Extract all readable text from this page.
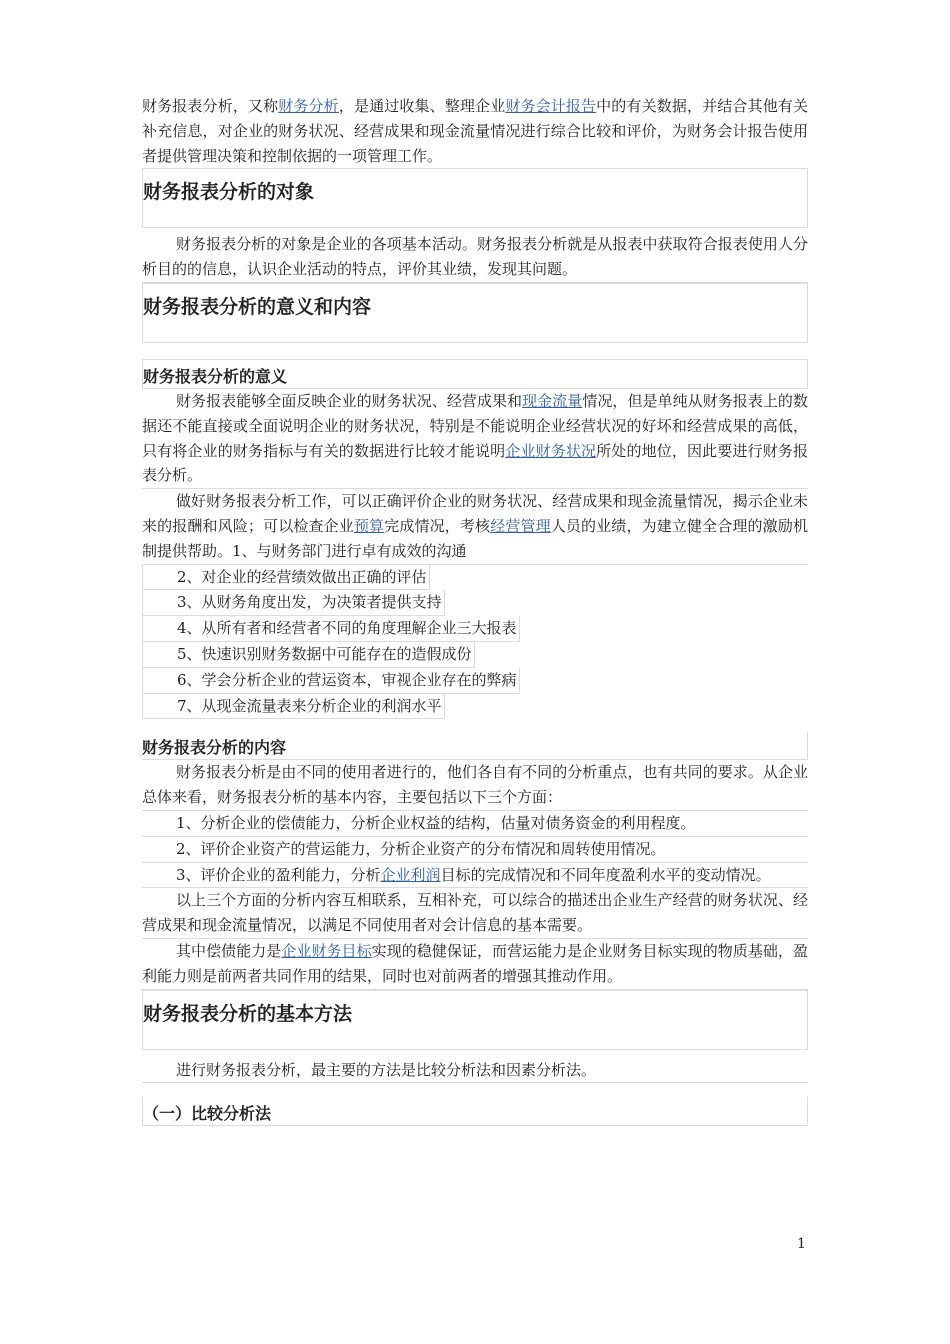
财务报表分析，又称财务分析，是通过收集、整理企业财务会计报告中的有关数据，并结合其他有关补充信息，对企业的财务状况、经营成果和现金流量情况进行综合比较和评价，为财务会计报告使用者提供管理决策和控制依据的一项管理工作。

财务报表分析的对象

财务报表分析的对象是企业的各项基本活动。财务报表分析就是从报表中获取符合报表使用人分析目的的信息，认识企业活动的特点，评价其业绩，发现其问题。

财务报表分析的意义和内容
财务报表分析的意义

财务报表能够全面反映企业的财务状况、经营成果和现金流量情况，但是单纯从财务报表上的数据还不能直接或全面说明企业的财务状况，特别是不能说明企业经营状况的好坏和经营成果的高低，只有将企业的财务指标与有关的数据进行比较才能说明企业财务状况所处的地位，因此要进行财务报表分析。

做好财务报表分析工作，可以正确评价企业的财务状况、经营成果和现金流量情况，揭示企业未来的报酬和风险；可以检查企业预算完成情况，考核经营管理人员的业绩，为建立健全合理的激励机制提供帮助。1、与财务部门进行卓有成效的沟通

2、对企业的经营绩效做出正确的评估

3、从财务角度出发，为决策者提供支持

4、从所有者和经营者不同的角度理解企业三大报表

5、快速识别财务数据中可能存在的造假成份

6、学会分析企业的营运资本，审视企业存在的弊病

7、从现金流量表来分析企业的利润水平

财务报表分析的内容

财务报表分析是由不同的使用者进行的，他们各自有不同的分析重点，也有共同的要求。从企业总体来看，财务报表分析的基本内容，主要包括以下三个方面：

1、分析企业的偿债能力，分析企业权益的结构，估量对债务资金的利用程度。

2、评价企业资产的营运能力，分析企业资产的分布情况和周转使用情况。

3、评价企业的盈利能力，分析企业利润目标的完成情况和不同年度盈利水平的变动情况。

以上三个方面的分析内容互相联系，互相补充，可以综合的描述出企业生产经营的财务状况、经营成果和现金流量情况，以满足不同使用者对会计信息的基本需要。

其中偿债能力是企业财务目标实现的稳健保证，而营运能力是企业财务目标实现的物质基础，盈利能力则是前两者共同作用的结果，同时也对前两者的增强其推动作用。

财务报表分析的基本方法

进行财务报表分析，最主要的方法是比较分析法和因素分析法。

（一）比较分析法
1
